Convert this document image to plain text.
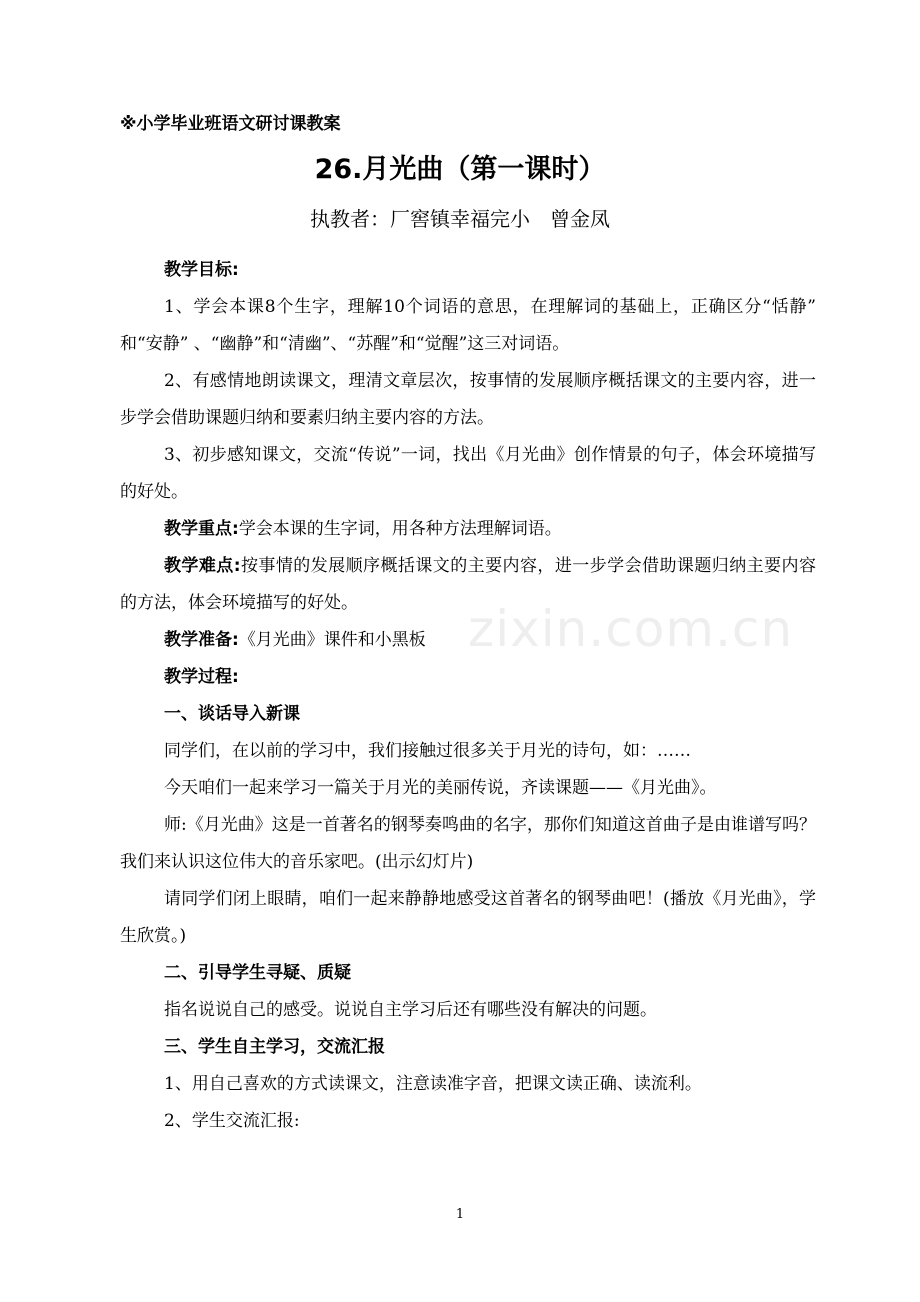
※小学毕业班语文研讨课教案
26.月光曲（第一课时）
执教者：厂窖镇幸福完小　曾金凤

教学目标:

1、学会本课8个生字，理解10个词语的意思，在理解词的基础上，正确区分“恬静” 和“安静” 、“幽静”和“清幽”、“苏醒”和“觉醒”这三对词语。

2、有感情地朗读课文，理清文章层次，按事情的发展顺序概括课文的主要内容，进一步学会借助课题归纳和要素归纳主要内容的方法。

3、初步感知课文，交流“传说”一词，找出《月光曲》创作情景的句子，体会环境描写的好处。

教学重点:学会本课的生字词，用各种方法理解词语。

教学难点:按事情的发展顺序概括课文的主要内容，进一步学会借助课题归纳主要内容的方法，体会环境描写的好处。

教学准备:《月光曲》课件和小黑板

教学过程:

一、谈话导入新课

同学们，在以前的学习中，我们接触过很多关于月光的诗句，如：……

今天咱们一起来学习一篇关于月光的美丽传说，齐读课题——《月光曲》。

师:《月光曲》这是一首著名的钢琴奏鸣曲的名字，那你们知道这首曲子是由谁谱写吗？我们来认识这位伟大的音乐家吧。(出示幻灯片)

请同学们闭上眼睛，咱们一起来静静地感受这首著名的钢琴曲吧！(播放《月光曲》，学生欣赏。)

二、引导学生寻疑、质疑

指名说说自己的感受。说说自主学习后还有哪些没有解决的问题。

三、学生自主学习，交流汇报

1、用自己喜欢的方式读课文，注意读准字音，把课文读正确、读流利。

2、学生交流汇报:

zixin.com.cn
1
